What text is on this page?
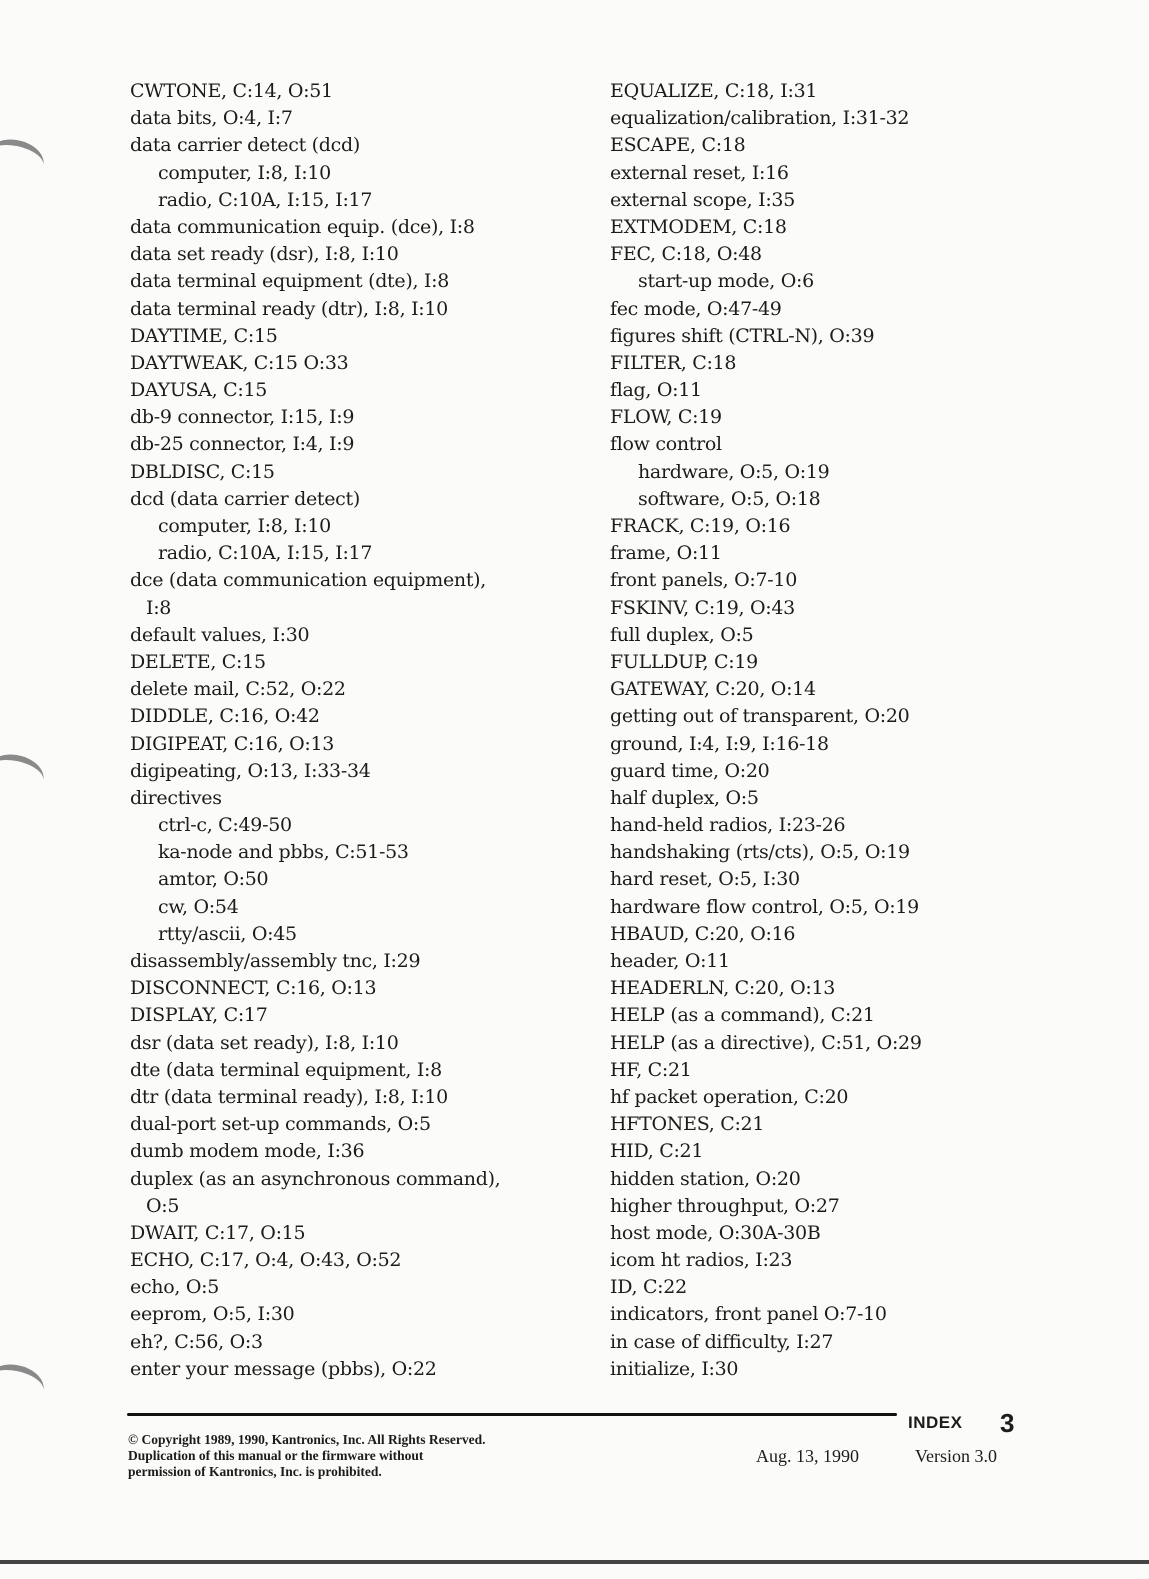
CWTONE, C:14, O:51
data bits, O:4, I:7
data carrier detect (dcd)
computer, I:8, I:10
radio, C:10A, I:15, I:17
data communication equip. (dce), I:8
data set ready (dsr), I:8, I:10
data terminal equipment (dte), I:8
data terminal ready (dtr), I:8, I:10
DAYTIME, C:15
DAYTWEAK, C:15 O:33
DAYUSA, C:15
db-9 connector, I:15, I:9
db-25 connector, I:4, I:9
DBLDISC, C:15
dcd (data carrier detect)
computer, I:8, I:10
radio, C:10A, I:15, I:17
dce (data communication equipment),
I:8
default values, I:30
DELETE, C:15
delete mail, C:52, O:22
DIDDLE, C:16, O:42
DIGIPEAT, C:16, O:13
digipeating, O:13, I:33-34
directives
ctrl-c, C:49-50
ka-node and pbbs, C:51-53
amtor, O:50
cw, O:54
rtty/ascii, O:45
disassembly/assembly tnc, I:29
DISCONNECT, C:16, O:13
DISPLAY, C:17
dsr (data set ready), I:8, I:10
dte (data terminal equipment, I:8
dtr (data terminal ready), I:8, I:10
dual-port set-up commands, O:5
dumb modem mode, I:36
duplex (as an asynchronous command),
O:5
DWAIT, C:17, O:15
ECHO, C:17, O:4, O:43, O:52
echo, O:5
eeprom, O:5, I:30
eh?, C:56, O:3
enter your message (pbbs), O:22
EQUALIZE, C:18, I:31
equalization/calibration, I:31-32
ESCAPE, C:18
external reset, I:16
external scope, I:35
EXTMODEM, C:18
FEC, C:18, O:48
start-up mode, O:6
fec mode, O:47-49
figures shift (CTRL-N), O:39
FILTER, C:18
flag, O:11
FLOW, C:19
flow control
hardware, O:5, O:19
software, O:5, O:18
FRACK, C:19, O:16
frame, O:11
front panels, O:7-10
FSKINV, C:19, O:43
full duplex, O:5
FULLDUP, C:19
GATEWAY, C:20, O:14
getting out of transparent, O:20
ground, I:4, I:9, I:16-18
guard time, O:20
half duplex, O:5
hand-held radios, I:23-26
handshaking (rts/cts), O:5, O:19
hard reset, O:5, I:30
hardware flow control, O:5, O:19
HBAUD, C:20, O:16
header, O:11
HEADERLN, C:20, O:13
HELP (as a command), C:21
HELP (as a directive), C:51, O:29
HF, C:21
hf packet operation, C:20
HFTONES, C:21
HID, C:21
hidden station, O:20
higher throughput, O:27
host mode, O:30A-30B
icom ht radios, I:23
ID, C:22
indicators, front panel O:7-10
in case of difficulty, I:27
initialize, I:30
INDEX 3
© Copyright 1989, 1990, Kantronics, Inc. All Rights Reserved.
Duplication of this manual or the firmware without
permission of Kantronics, Inc. is prohibited.
Aug. 13, 1990	Version 3.0
